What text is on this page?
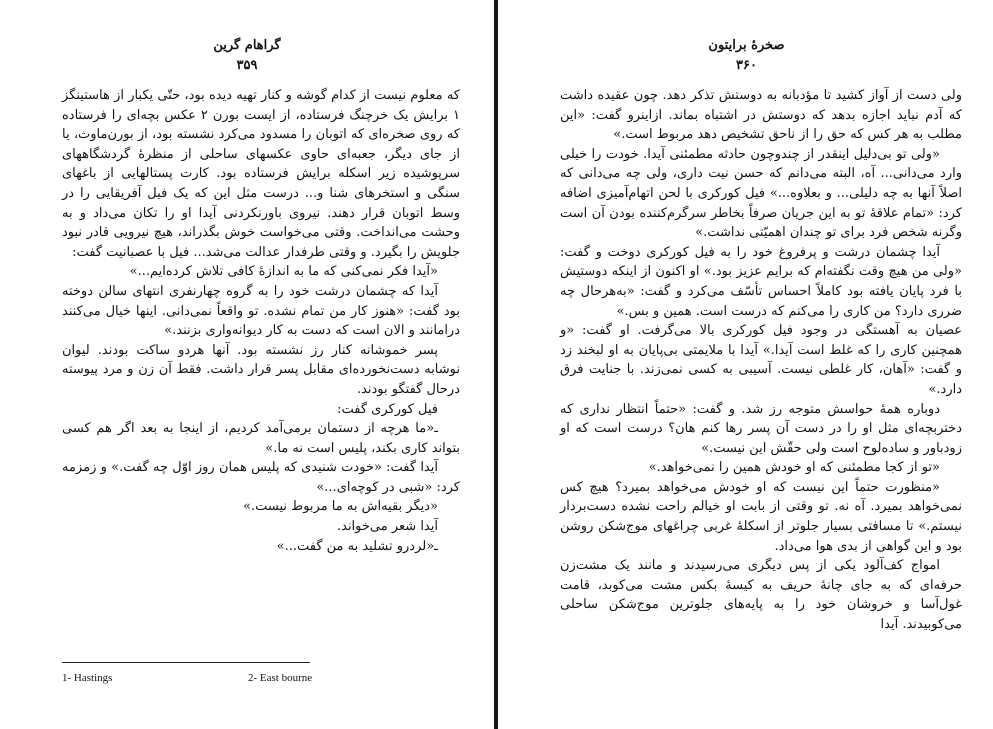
گراهام گرین
۳۵۹

که معلوم نیست از کدام گوشه و کنار تهیه دیده بود، حتّی یکبار از هاستینگز ۱ برایش یک خرچنگ فرستاده، از ایست بورن ۲ عکس بچه‌ای را فرستاده که روی صخره‌ای که اتوبان را مسدود می‌کرد نشسته بود، از بورن‌ماوث، یا از جای دیگر، جعبه‌ای حاوی عکسهای ساحلی از منظرهٔ گردشگاههای سرپوشیده زیر اسکله برایش فرستاده بود. کارت پستالهایی از باغهای سنگی و استخرهای شنا و... درست مثل این که یک فیل آفریقایی را در وسط اتوبان قرار دهند. نیروی باورنکردنی آیدا او را تکان می‌داد و به وحشت می‌انداخت. وقتی می‌خواست خوش بگذراند، هیچ نیرویی قادر نبود جلویش را بگیرد. و وقتی طرفدار عدالت می‌شد... فیل با عصبانیت گفت:

«آیدا فکر نمی‌کنی که ما به اندازهٔ کافی تلاش کرده‌ایم...»

آیدا که چشمان درشت خود را به گروه چهارنفری انتهای سالن دوخته بود گفت: «هنوز کار من تمام نشده. تو واقعاً نمی‌دانی. اینها خیال می‌کنند درامانند و الان است که دست به کار دیوانه‌واری بزنند.»

پسر خموشانه کنار رز نشسته بود. آنها هردو ساکت بودند. لیوان نوشابه دست‌نخورده‌ای مقابل پسر قرار داشت. فقط آن زن و مرد پیوسته درحال گفتگو بودند.

فیل کورکری گفت:

ـ«ما هرچه از دستمان برمی‌آمد کردیم، از اینجا به بعد اگر هم کسی بتواند کاری بکند، پلیس است نه ما.»

آیدا گفت: «خودت شنیدی که پلیس همان روز اوّل چه گفت.» و زمزمه کرد: «شبی در کوچه‌ای...»

«دیگر بقیه‌اش به ما مربوط نیست.»

آیدا شعر می‌خواند.

ـ«لردرو تشلید به من گفت...»

1- Hastings	2- East bourne
صخرهٔ برایتون
۳۶۰

ولی دست از آواز کشید تا مؤدبانه به دوستش تذکر دهد. چون عقیده داشت که آدم نباید اجازه بدهد که دوستش در اشتباه بماند. ازاینرو گفت: «این مطلب به هر کس که حق را از ناحق تشخیص دهد مربوط است.»

«ولی تو بی‌دلیل اینقدر از چندوچون حادثه مطمئنی آیدا. خودت را خیلی وارد می‌دانی... آه، البته می‌دانم که حسن نیت داری، ولی چه می‌دانی که اصلاً آنها به چه دلیلی... و بعلاوه...» فیل کورکری با لحن اتهام‌آمیزی اضافه کرد: «تمام علاقهٔ تو به این جریان صرفاً بخاطر سرگرم‌کننده بودن آن است وگرنه شخص فرد برای تو چندان اهمیّتی نداشت.»

آیدا چشمان درشت و پرفروغ خود را به فیل کورکری دوخت و گفت: «ولی من هیچ وقت نگفته‌ام که برایم عزیز بود.» او اکنون از اینکه دوستیش با فرد پایان یافته بود کاملاً احساس تأسّف می‌کرد و گفت: «به‌هرحال چه ضرری دارد؟ من کاری را می‌کنم که درست است. همین و بس.»

عصیان به آهستگی در وجود فیل کورکری بالا می‌گرفت. او گفت: «و همچنین کاری را که غلط است آیدا.» آیدا با ملایمتی بی‌پایان به او لبخند زد و گفت: «آهان، کار غلطی نیست. آسیبی به کسی نمی‌زند. با جنایت فرق دارد.»

دوباره همهٔ حواسش متوجه رز شد. و گفت: «حتماً انتظار نداری که دختربچه‌ای مثل او را در دست آن پسر رها کنم هان؟ درست است که او زودباور و ساده‌لوح است ولی حقّش این نیست.»

«تو از کجا مطمئنی که او خودش همین را نمی‌خواهد.»

«منظورت حتماً این نیست که او خودش می‌خواهد بمیرد؟ هیچ کس نمی‌خواهد بمیرد. آه نه. تو وقتی از بابت او خیالم راحت نشده دست‌بردار نیستم.» تا مسافتی بسیار جلوتر از اسکلهٔ غربی چراغهای موج‌شکن روشن بود و این گواهی از بدی هوا می‌داد.

امواج کف‌آلود یکی از پس دیگری می‌رسیدند و مانند یک مشت‌زن حرفه‌ای که به جای چانهٔ حریف به کیسهٔ بکس مشت می‌کوبد، قامت غول‌آسا و خروشان خود را به پایه‌های جلوترین موج‌شکن ساحلی می‌کوبیدند. آیدا
